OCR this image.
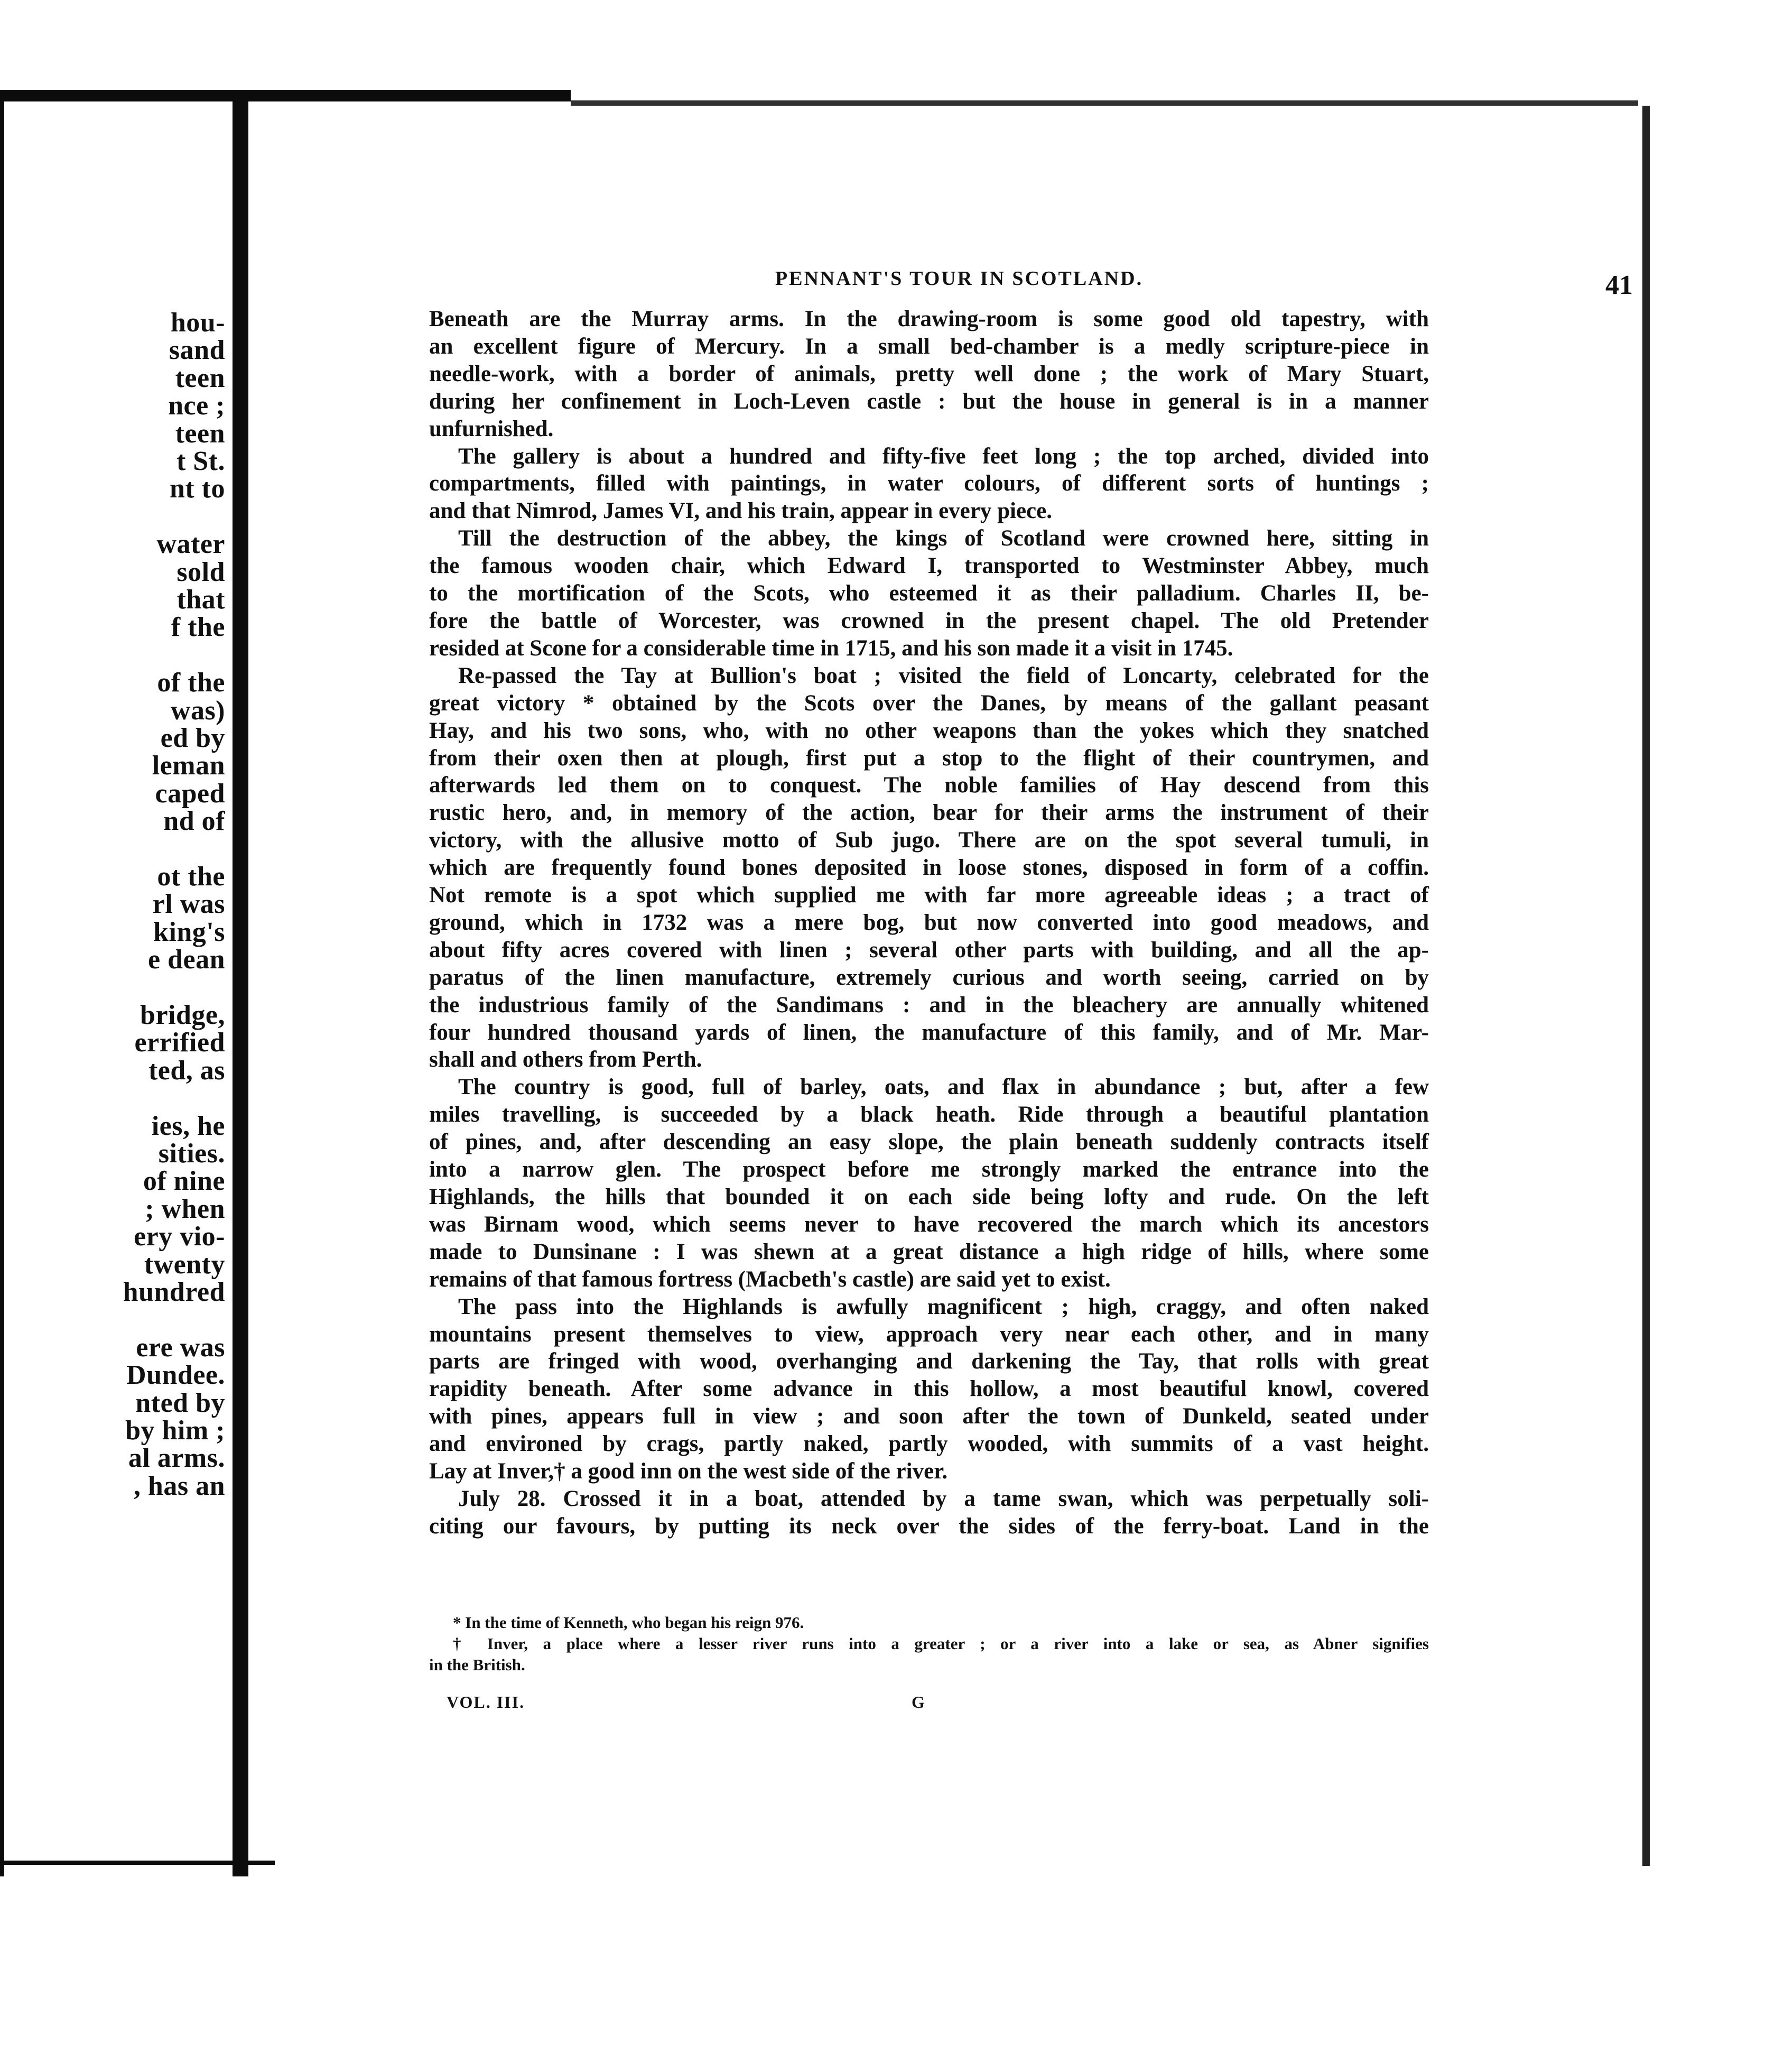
hou-
sand
teen
nce ;
teen
t St.
nt to
water
sold
that
f the
of the
was)
ed by
leman
caped
nd of
ot the
rl was
king's
e dean
bridge,
errified
ted, as
ies, he
sities.
of nine
; when
ery vio-
twenty
hundred
ere was
Dundee.
nted by
by him ;
al arms.
, has an
PENNANT'S TOUR IN SCOTLAND.	41
Beneath are the Murray arms. In the drawing-room is some good old tapestry, with
an excellent figure of Mercury. In a small bed-chamber is a medly scripture-piece in
needle-work, with a border of animals, pretty well done ; the work of Mary Stuart,
during her confinement in Loch-Leven castle : but the house in general is in a manner
unfurnished.
The gallery is about a hundred and fifty-five feet long ; the top arched, divided into
compartments, filled with paintings, in water colours, of different sorts of huntings ;
and that Nimrod, James VI, and his train, appear in every piece.
Till the destruction of the abbey, the kings of Scotland were crowned here, sitting in
the famous wooden chair, which Edward I, transported to Westminster Abbey, much
to the mortification of the Scots, who esteemed it as their palladium. Charles II, be-
fore the battle of Worcester, was crowned in the present chapel. The old Pretender
resided at Scone for a considerable time in 1715, and his son made it a visit in 1745.
Re-passed the Tay at Bullion's boat ; visited the field of Loncarty, celebrated for the
great victory * obtained by the Scots over the Danes, by means of the gallant peasant
Hay, and his two sons, who, with no other weapons than the yokes which they snatched
from their oxen then at plough, first put a stop to the flight of their countrymen, and
afterwards led them on to conquest. The noble families of Hay descend from this
rustic hero, and, in memory of the action, bear for their arms the instrument of their
victory, with the allusive motto of Sub jugo. There are on the spot several tumuli, in
which are frequently found bones deposited in loose stones, disposed in form of a coffin.
Not remote is a spot which supplied me with far more agreeable ideas ; a tract of
ground, which in 1732 was a mere bog, but now converted into good meadows, and
about fifty acres covered with linen ; several other parts with building, and all the ap-
paratus of the linen manufacture, extremely curious and worth seeing, carried on by
the industrious family of the Sandimans : and in the bleachery are annually whitened
four hundred thousand yards of linen, the manufacture of this family, and of Mr. Mar-
shall and others from Perth.
The country is good, full of barley, oats, and flax in abundance ; but, after a few
miles travelling, is succeeded by a black heath. Ride through a beautiful plantation
of pines, and, after descending an easy slope, the plain beneath suddenly contracts itself
into a narrow glen. The prospect before me strongly marked the entrance into the
Highlands, the hills that bounded it on each side being lofty and rude. On the left
was Birnam wood, which seems never to have recovered the march which its ancestors
made to Dunsinane : I was shewn at a great distance a high ridge of hills, where some
remains of that famous fortress (Macbeth's castle) are said yet to exist.
The pass into the Highlands is awfully magnificent ; high, craggy, and often naked
mountains present themselves to view, approach very near each other, and in many
parts are fringed with wood, overhanging and darkening the Tay, that rolls with great
rapidity beneath. After some advance in this hollow, a most beautiful knowl, covered
with pines, appears full in view ; and soon after the town of Dunkeld, seated under
and environed by crags, partly naked, partly wooded, with summits of a vast height.
Lay at Inver,† a good inn on the west side of the river.
July 28. Crossed it in a boat, attended by a tame swan, which was perpetually soli-
citing our favours, by putting its neck over the sides of the ferry-boat. Land in the
* In the time of Kenneth, who began his reign 976.
† Inver, a place where a lesser river runs into a greater ; or a river into a lake or sea, as Abner signifies
in the British.
VOL. III.	G
